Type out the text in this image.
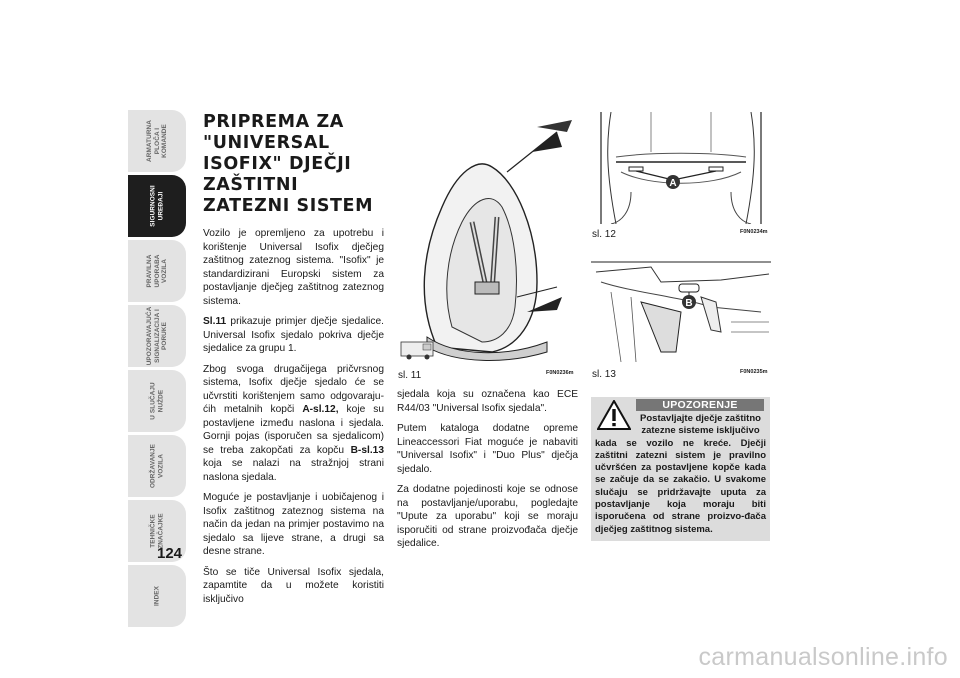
ARMATURNA
PLOČA I
KOMANDE
SIGURNOSNI
UREĐAJI
PRAVILNA
UPORABA
VOZILA
UPOZORAVAJUĆA
SIGNALIZACIJA I
PORUKE
U SLUČAJU
NUŽDE
ODRŽAVANJE
VOZILA
TEHNIČKE
ZNAČAJKE
INDEX
124
PRIPREMA ZA "UNIVERSAL ISOFIX" DJEČJI ZAŠTITNI ZATEZNI SISTEM

Vozilo je opremljeno za upotrebu i korištenje Universal Isofix dječjeg zaštitnog zateznog sistema. "Isofix" je standardizirani Europski sistem za postavljanje dječjeg zaštitnog zateznog sistema.

Sl.11 prikazuje primjer dječje sjedalice. Universal Isofix sjedalo pokriva dječje sjedalice za grupu 1.

Zbog svoga drugačijega pričvrsnog sistema, Isofix dječje sjedalo će se učvrstiti korištenjem samo odgovaraju-ćih metalnih kopči A-sl.12, koje su postavljene između naslona i sjedala. Gornji pojas (isporučen sa sjedalicom) se treba zakopčati za kopču B-sl.13 koja se nalazi na stražnjoj strani naslona sjedala.

Moguće je postavljanje i uobičajenog i Isofix zaštitnog zateznog sistema na način da jedan na primjer postavimo na sjedalo sa lijeve strane, a drugi sa desne strane.

Što se tiče Universal Isofix sjedala, zapamtite da u možete koristiti isključivo

sl. 11	F0N0236m
A
sl. 12	F0N0234m
B
sl. 13	F0N0235m

sjedala koja su označena kao ECE R44/03 "Universal Isofix sjedala".

Putem kataloga dodatne opreme Lineaccessori Fiat moguće je nabaviti "Universal Isofix" i "Duo Plus" dječja sjedalo.

Za dodatne pojedinosti koje se odnose na postavljanje/uporabu, pogledajte "Upute za uporabu" koji se moraju isporučiti od strane proizvođača dječje sjedalice.

UPOZORENJE
Postavljajte dječje zaštitno zatezne sisteme isključivo
kada se vozilo ne kreće. Dječji zaštitni zatezni sistem je pravilno učvršćen za postavljene kopče kada se začuje da se zakačio. U svakome slučaju se pridržavajte uputa za postavljanje koja moraju biti isporučena od strane proizvo-đača dječjeg zaštitnog sistema.
carmanualsonline.info
